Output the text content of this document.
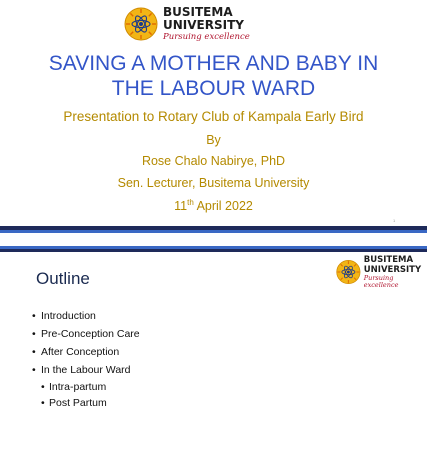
BUSITEMA
UNIVERSITY
Pursuing excellence
SAVING A MOTHER AND BABY IN THE LABOUR WARD
Presentation to Rotary Club of Kampala Early Bird
By
Rose Chalo Nabirye, PhD
Sen. Lecturer, Busitema University
11th April 2022
1
BUSITEMA
UNIVERSITY
Pursuing excellence
Outline
• Introduction
• Pre-Conception Care
• After Conception
• In the Labour Ward
• Intra-partum
• Post Partum
